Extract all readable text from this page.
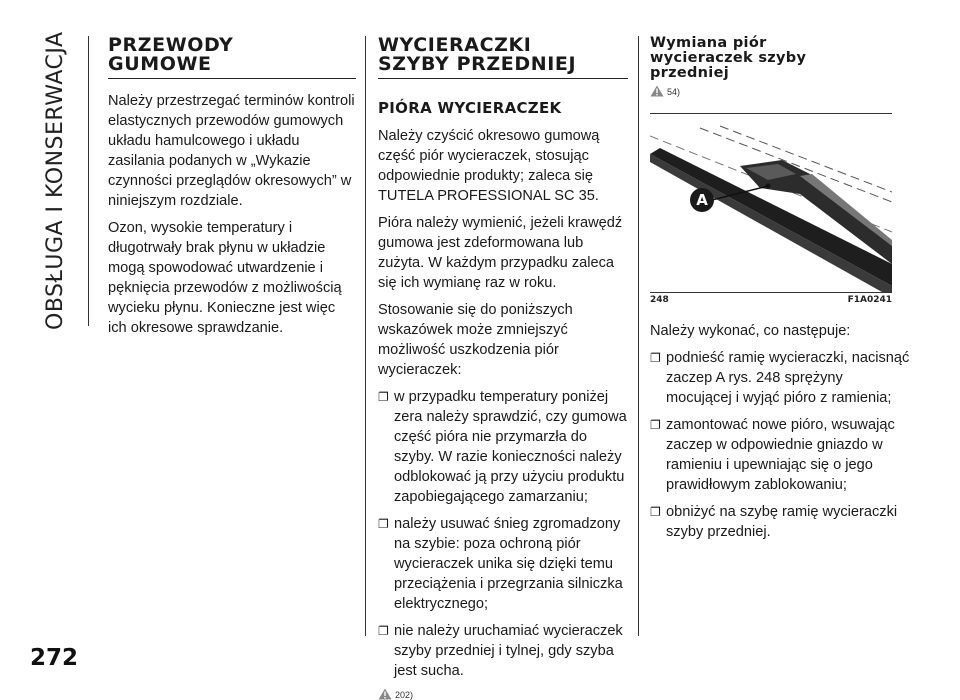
OBSŁUGA I KONSERWACJA
272
PRZEWODY
GUMOWE

Należy przestrzegać terminów kontroli elastycznych przewodów gumowych układu hamulcowego i układu zasilania podanych w „Wykazie czynności przeglądów okresowych” w niniejszym rozdziale.

Ozon, wysokie temperatury i długotrwały brak płynu w układzie mogą spowodować utwardzenie i pęknięcia przewodów z możliwością wycieku płynu. Konieczne jest więc ich okresowe sprawdzanie.

WYCIERACZKI
SZYBY PRZEDNIEJ
PIÓRA WYCIERACZEK

Należy czyścić okresowo gumową część piór wycieraczek, stosując odpowiednie produkty; zaleca się TUTELA PROFESSIONAL SC 35.

Pióra należy wymienić, jeżeli krawędź gumowa jest zdeformowana lub zużyta. W każdym przypadku zaleca się ich wymianę raz w roku.

Stosowanie się do poniższych wskazówek może zmniejszyć możliwość uszkodzenia piór wycieraczek:

❐ w przypadku temperatury poniżej zera należy sprawdzić, czy gumowa część pióra nie przymarzła do szyby. W razie konieczności należy odblokować ją przy użyciu produktu zapobiegającego zamarzaniu;
❐ należy usuwać śnieg zgromadzony na szybie: poza ochroną piór wycieraczek unika się dzięki temu przeciążenia i przegrzania silniczka elektrycznego;
❐ nie należy uruchamiać wycieraczek szyby przedniej i tylnej, gdy szyba jest sucha.
202)
Wymiana piór
wycieraczek szyby
przedniej
54)
A
248	F1A0241

Należy wykonać, co następuje:

❐ podnieść ramię wycieraczki, nacisnąć zaczep A rys. 248 sprężyny mocującej i wyjąć pióro z ramienia;
❐ zamontować nowe pióro, wsuwając zaczep w odpowiednie gniazdo w ramieniu i upewniając się o jego prawidłowym zablokowaniu;
❐ obniżyć na szybę ramię wycieraczki szyby przedniej.
